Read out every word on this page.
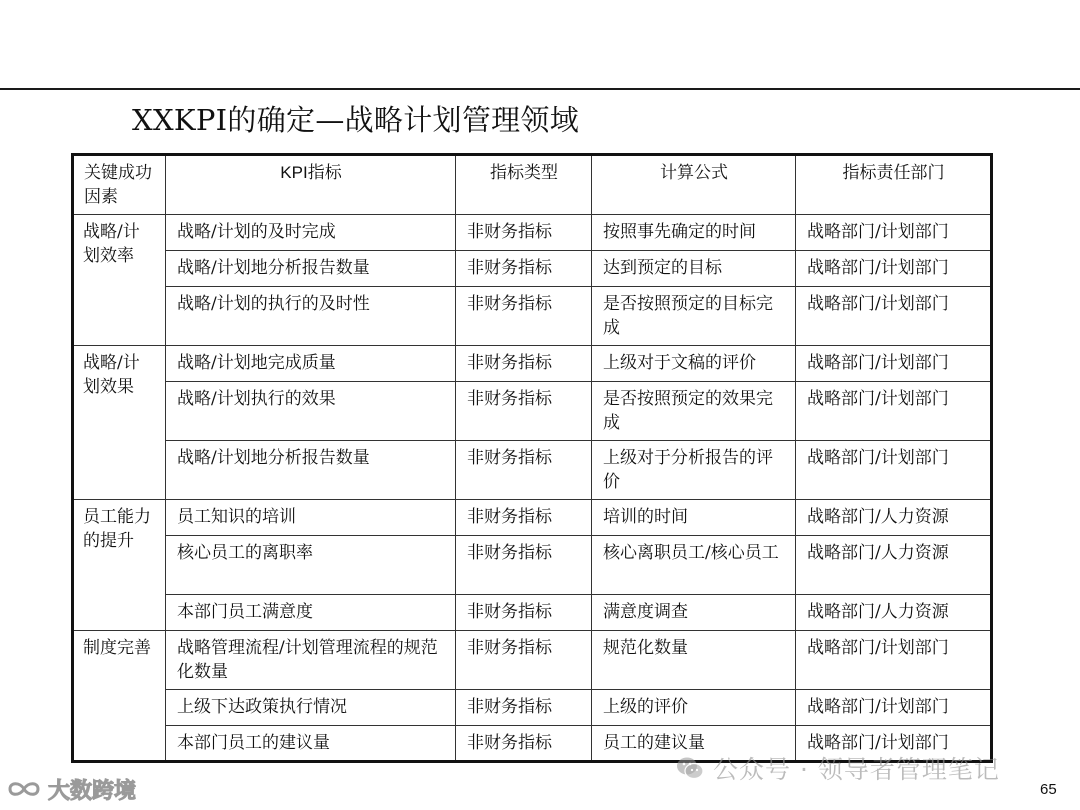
XXKPI的确定—战略计划管理领域
关键成功因素	KPI指标	指标类型	计算公式	指标责任部门
战略/计划效率	战略/计划的及时完成	非财务指标	按照事先确定的时间	战略部门/计划部门
	战略/计划地分析报告数量	非财务指标	达到预定的目标	战略部门/计划部门
	战略/计划的执行的及时性	非财务指标	是否按照预定的目标完成	战略部门/计划部门
战略/计划效果	战略/计划地完成质量	非财务指标	上级对于文稿的评价	战略部门/计划部门
	战略/计划执行的效果	非财务指标	是否按照预定的效果完成	战略部门/计划部门
	战略/计划地分析报告数量	非财务指标	上级对于分析报告的评价	战略部门/计划部门
员工能力的提升	员工知识的培训	非财务指标	培训的时间	战略部门/人力资源
	核心员工的离职率	非财务指标	核心离职员工/核心员工	战略部门/人力资源
	本部门员工满意度	非财务指标	满意度调查	战略部门/人力资源
制度完善	战略管理流程/计划管理流程的规范化数量	非财务指标	规范化数量	战略部门/计划部门
	上级下达政策执行情况	非财务指标	上级的评价	战略部门/计划部门
	本部门员工的建议量	非财务指标	员工的建议量	战略部门/计划部门
公众号 · 领导者管理笔记
大数跨境	65
